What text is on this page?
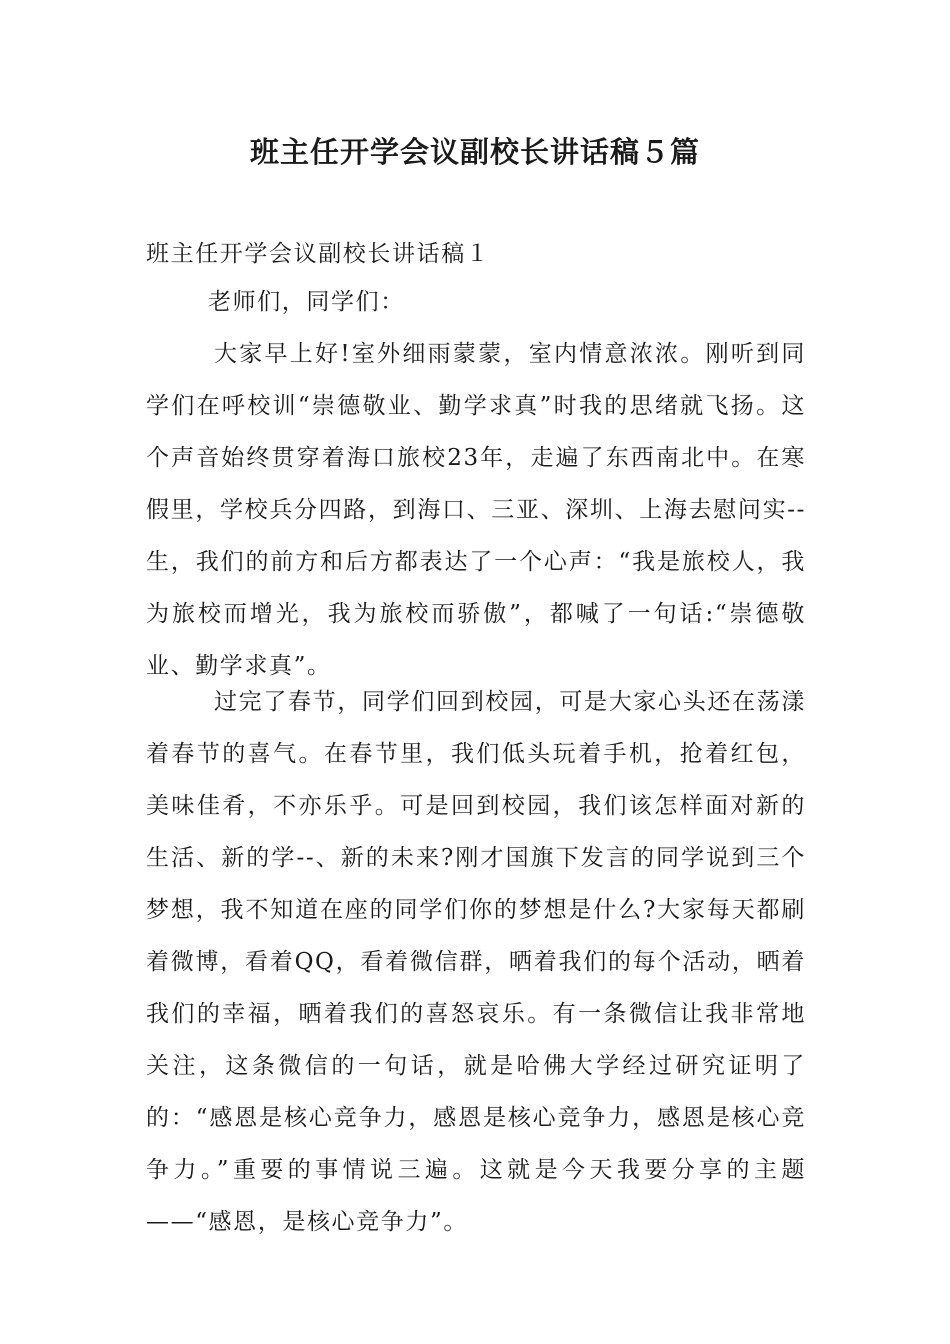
班主任开学会议副校长讲话稿５篇
班主任开学会议副校长讲话稿１
老师们，同学们：

大家早上好!室外细雨蒙蒙，室内情意浓浓。刚听到同学们在呼校训“崇德敬业、勤学求真”时我的思绪就飞扬。这个声音始终贯穿着海口旅校23年，走遍了东西南北中。在寒假里，学校兵分四路，到海口、三亚、深圳、上海去慰问实--生，我们的前方和后方都表达了一个心声：“我是旅校人，我为旅校而增光，我为旅校而骄傲”，都喊了一句话:“崇德敬业、勤学求真”。

过完了春节，同学们回到校园，可是大家心头还在荡漾着春节的喜气。在春节里，我们低头玩着手机，抢着红包，美味佳肴，不亦乐乎。可是回到校园，我们该怎样面对新的生活、新的学--、新的未来?刚才国旗下发言的同学说到三个梦想，我不知道在座的同学们你的梦想是什么?大家每天都刷着微博，看着QQ，看着微信群，晒着我们的每个活动，晒着我们的幸福，晒着我们的喜怒哀乐。有一条微信让我非常地关注，这条微信的一句话，就是哈佛大学经过研究证明了的：“感恩是核心竞争力，感恩是核心竞争力，感恩是核心竞争力。”重要的事情说三遍。这就是今天我要分享的主题——“感恩，是核心竞争力”。
